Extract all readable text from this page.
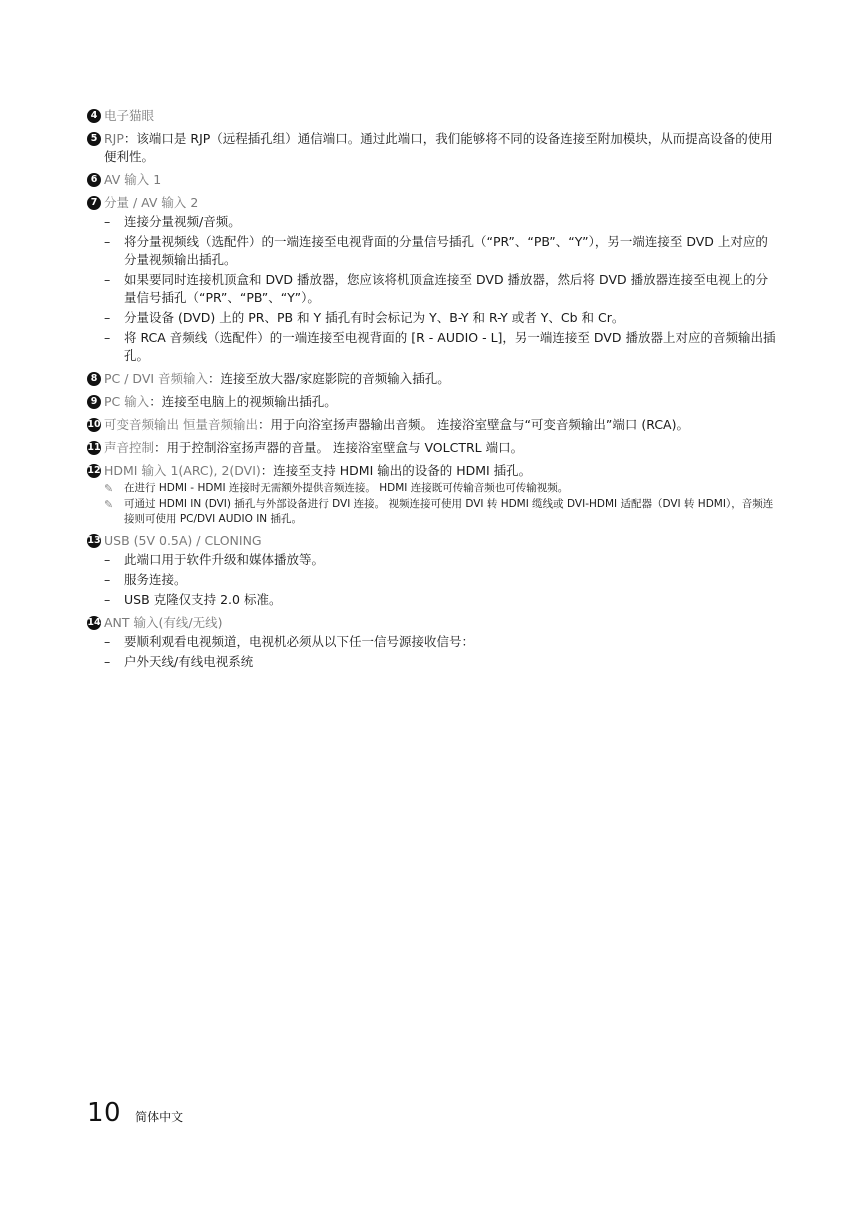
4 电子猫眼
5 RJP：该端口是 RJP（远程插孔组）通信端口。通过此端口，我们能够将不同的设备连接至附加模块，从而提高设备的使用便利性。
6 AV 输入 1
7 分量 / AV 输入 2
– 连接分量视频/音频。
– 将分量视频线（选配件）的一端连接至电视背面的分量信号插孔（“PR”、“PB”、“Y”），另一端连接至 DVD 上对应的分量视频输出插孔。
– 如果要同时连接机顶盒和 DVD 播放器，您应该将机顶盒连接至 DVD 播放器，然后将 DVD 播放器连接至电视上的分量信号插孔（“PR”、“PB”、“Y”）。
– 分量设备 (DVD) 上的 PR、PB 和 Y 插孔有时会标记为 Y、B-Y 和 R-Y 或者 Y、Cb 和 Cr。
– 将 RCA 音频线（选配件）的一端连接至电视背面的 [R - AUDIO - L]，另一端连接至 DVD 播放器上对应的音频输出插孔。
8 PC / DVI 音频输入：连接至放大器/家庭影院的音频输入插孔。
9 PC 输入：连接至电脑上的视频输出插孔。
10 可变音频输出 恒量音频输出：用于向浴室扬声器输出音频。 连接浴室壁盒与“可变音频输出”端口 (RCA)。
11 声音控制：用于控制浴室扬声器的音量。 连接浴室壁盒与 VOLCTRL 端口。
12 HDMI 输入 1(ARC), 2(DVI)：连接至支持 HDMI 输出的设备的 HDMI 插孔。
✎ 在进行 HDMI - HDMI 连接时无需额外提供音频连接。 HDMI 连接既可传输音频也可传输视频。
✎ 可通过 HDMI IN (DVI) 插孔与外部设备进行 DVI 连接。 视频连接可使用 DVI 转 HDMI 缆线或 DVI-HDMI 适配器（DVI 转 HDMI），音频连接则可使用 PC/DVI AUDIO IN 插孔。
13 USB (5V 0.5A) / CLONING
– 此端口用于软件升级和媒体播放等。
– 服务连接。
– USB 克隆仅支持 2.0 标准。
14 ANT 输入(有线/无线)
– 要顺利观看电视频道，电视机必须从以下任一信号源接收信号：
– 户外天线/有线电视系统
10 简体中文
